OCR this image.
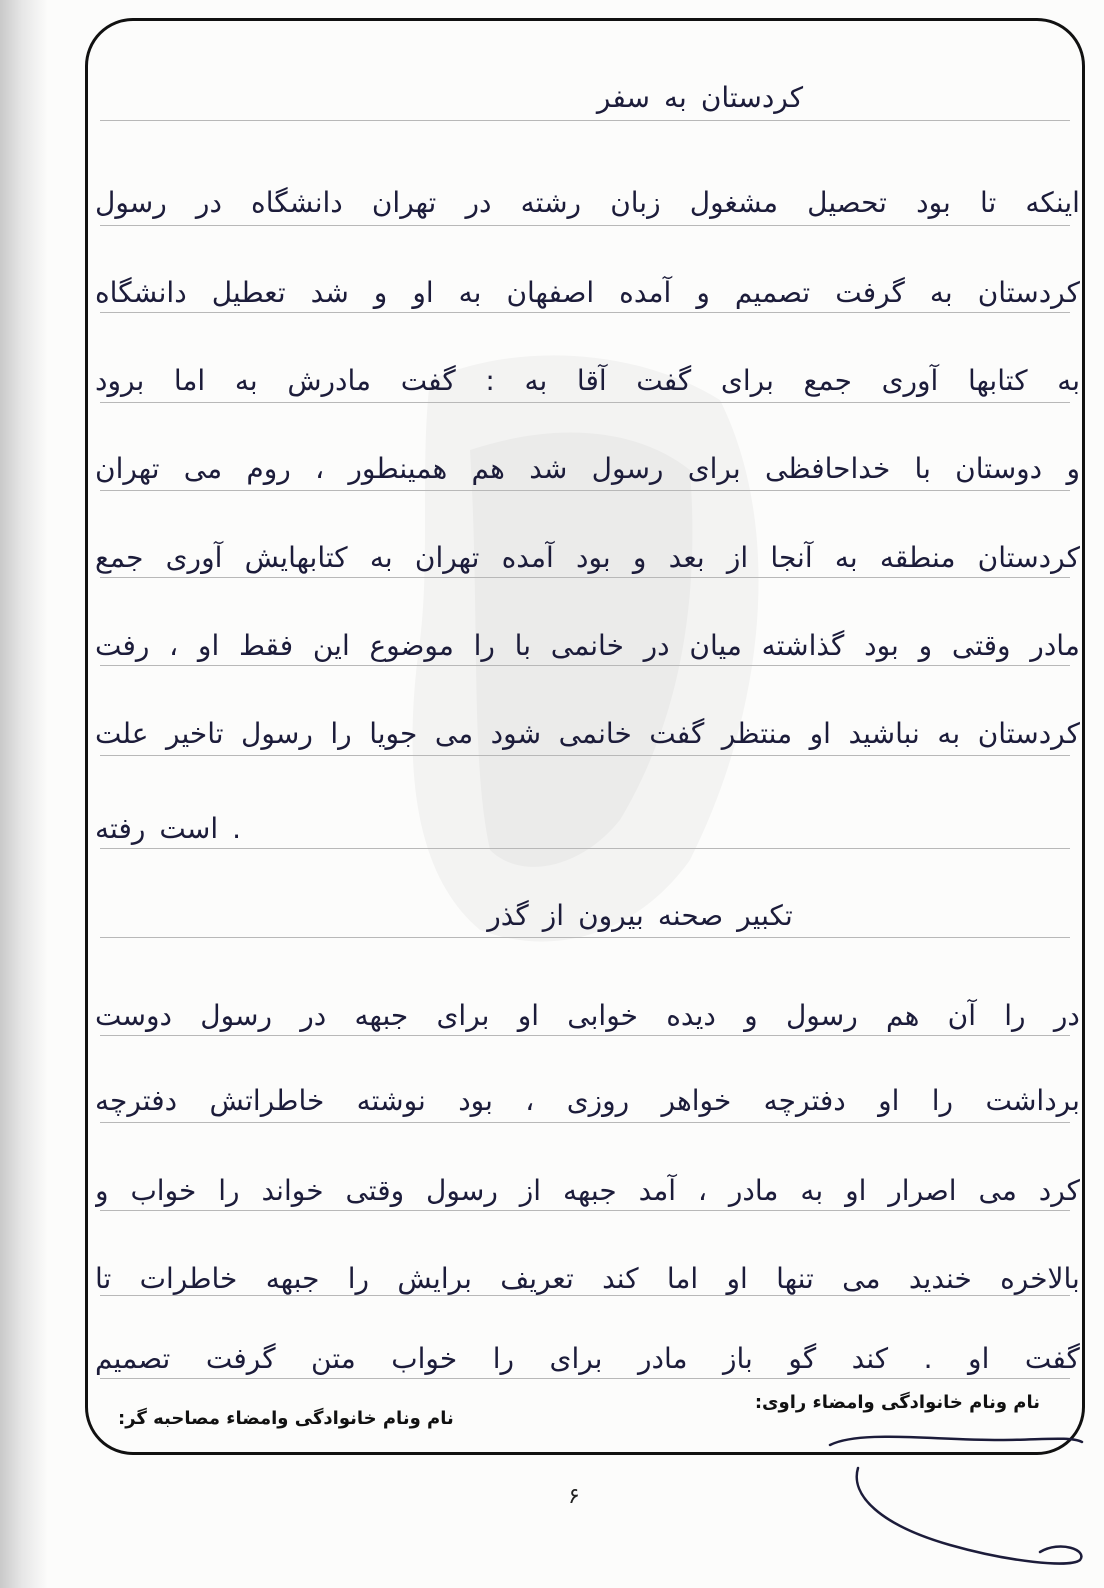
سفر به کردستان
رسول در دانشگاه تهران در رشته زبان مشغول تحصیل بود تا اینکه
دانشگاه تعطیل شد و او به اصفهان آمده و تصمیم گرفت به کردستان
برود اما به مادرش گفت : به آقا گفت برای جمع آوری کتابها به
تهران می روم ، همینطور هم شد رسول برای خداحافظی با دوستان و
جمع آوری کتابهایش به تهران آمده بود و بعد از آنجا به منطقه کردستان
رفت ، او فقط این موضوع را با خانمی در میان گذاشته بود و وقتی مادر
علت تاخیر رسول را جویا می شود خانمی گفت منتظر او نباشید به کردستان
رفته است .
گذر از بیرون صحنه تکبیر
دوست رسول در جبهه برای او خوابی دیده و رسول هم آن را در
دفترچه خاطراتش نوشته بود ، روزی خواهر دفترچه او را برداشت
و خواب را خواند وقتی رسول از جبهه آمد ، مادر به او اصرار می کرد
تا خاطرات جبهه را برایش تعریف کند اما او تنها می خندید بالاخره
تصمیم گرفت متن خواب را برای مادر باز گو کند . او گفت
نام ونام خانوادگی وامضاء راوی:
نام ونام خانوادگی وامضاء مصاحبه گر:
۶
